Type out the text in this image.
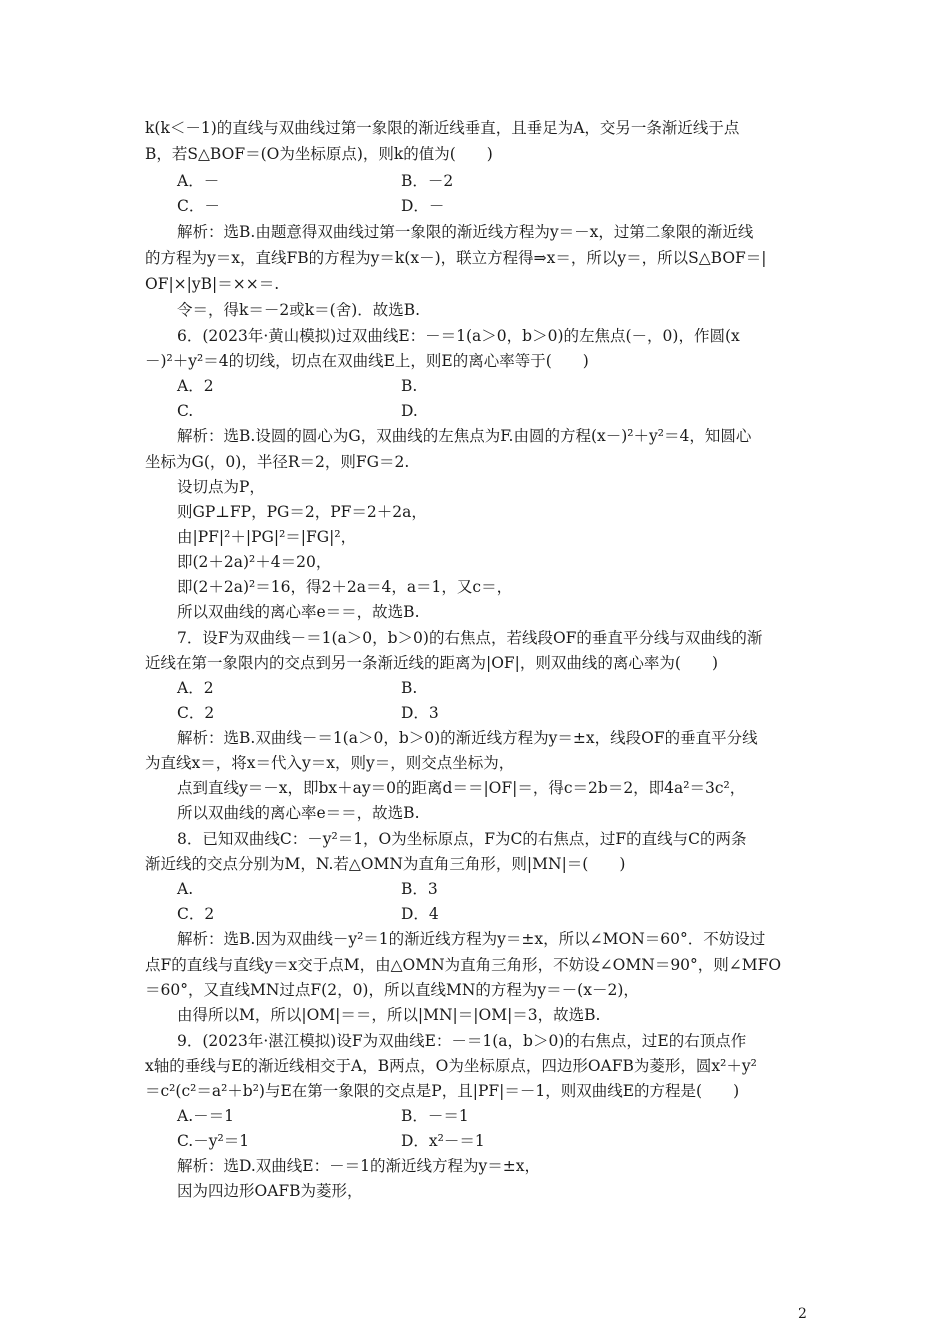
k(k＜－1)的直线与双曲线过第一象限的渐近线垂直，且垂足为A，交另一条渐近线于点
B，若S△BOF＝(O为坐标原点)，则k的值为(　　)
A．－	B．－2
C．－	D．－
解析：选B.由题意得双曲线过第一象限的渐近线方程为y＝－x，过第二象限的渐近线
的方程为y＝x，直线FB的方程为y＝k(x－)，联立方程得⇒x＝，所以y＝，所以S△BOF＝|
OF|×|yB|＝××＝.
令＝，得k＝－2或k＝(舍)．故选B.
6．(2023年·黄山模拟)过双曲线E：－＝1(a＞0，b＞0)的左焦点(－，0)，作圆(x
－)²＋y²＝4的切线，切点在双曲线E上，则E的离心率等于(　　)
A．2	B.
C.	D.
解析：选B.设圆的圆心为G，双曲线的左焦点为F.由圆的方程(x－)²＋y²＝4，知圆心
坐标为G(，0)，半径R＝2，则FG＝2.
设切点为P，
则GP⊥FP，PG＝2，PF＝2＋2a，
由|PF|²＋|PG|²＝|FG|²，
即(2＋2a)²＋4＝20，
即(2＋2a)²＝16，得2＋2a＝4，a＝1，又c＝，
所以双曲线的离心率e＝＝，故选B.
7．设F为双曲线－＝1(a＞0，b＞0)的右焦点，若线段OF的垂直平分线与双曲线的渐
近线在第一象限内的交点到另一条渐近线的距离为|OF|，则双曲线的离心率为(　　)
A．2	B.
C．2	D．3
解析：选B.双曲线－＝1(a＞0，b＞0)的渐近线方程为y＝±x，线段OF的垂直平分线
为直线x＝，将x＝代入y＝x，则y＝，则交点坐标为，
点到直线y＝－x，即bx＋ay＝0的距离d＝＝|OF|＝，得c＝2b＝2，即4a²＝3c²，
所以双曲线的离心率e＝＝，故选B.
8．已知双曲线C：－y²＝1，O为坐标原点，F为C的右焦点，过F的直线与C的两条
渐近线的交点分别为M，N.若△OMN为直角三角形，则|MN|＝(　　)
A.	B．3
C．2	D．4
解析：选B.因为双曲线－y²＝1的渐近线方程为y＝±x，所以∠MON＝60°．不妨设过
点F的直线与直线y＝x交于点M，由△OMN为直角三角形，不妨设∠OMN＝90°，则∠MFO
＝60°，又直线MN过点F(2，0)，所以直线MN的方程为y＝－(x－2)，
由得所以M，所以|OM|＝＝，所以|MN|＝|OM|＝3，故选B.
9．(2023年·湛江模拟)设F为双曲线E：－＝1(a，b＞0)的右焦点，过E的右顶点作
x轴的垂线与E的渐近线相交于A，B两点，O为坐标原点，四边形OAFB为菱形，圆x²＋y²
＝c²(c²＝a²＋b²)与E在第一象限的交点是P，且|PF|＝－1，则双曲线E的方程是(　　)
A.－＝1	B．－＝1
C.－y²＝1	D．x²－＝1
解析：选D.双曲线E：－＝1的渐近线方程为y＝±x，
因为四边形OAFB为菱形，
2
